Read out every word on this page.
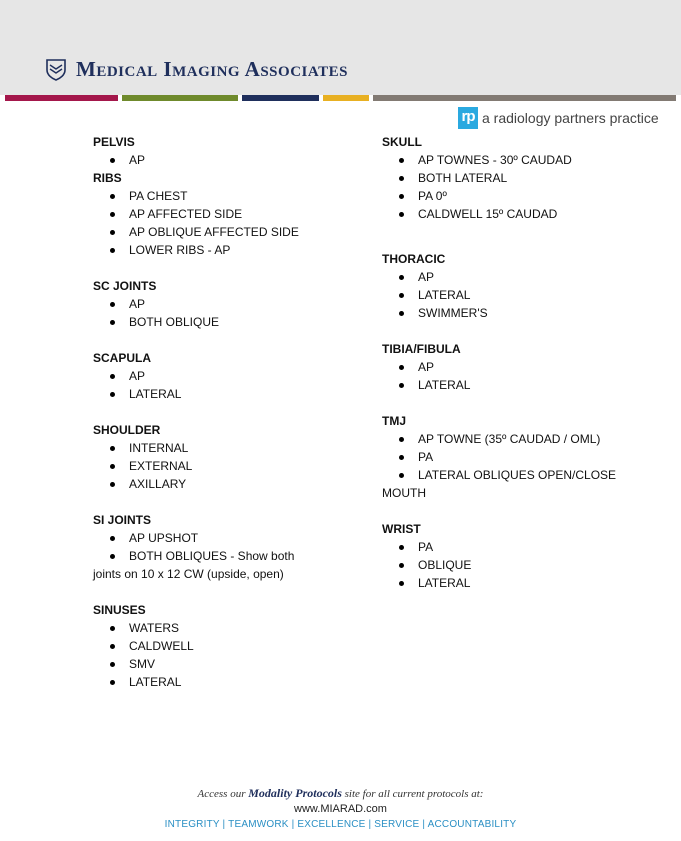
Medical Imaging Associates
rp a radiology partners practice
PELVIS
AP
RIBS
PA CHEST
AP AFFECTED SIDE
AP OBLIQUE AFFECTED SIDE
LOWER RIBS - AP
SC JOINTS
AP
BOTH OBLIQUE
SCAPULA
AP
LATERAL
SHOULDER
INTERNAL
EXTERNAL
AXILLARY
SI JOINTS
AP UPSHOT
BOTH OBLIQUES - Show both
joints on 10 x 12 CW (upside, open)
SINUSES
WATERS
CALDWELL
SMV
LATERAL
SKULL
AP TOWNES - 30º CAUDAD
BOTH LATERAL
PA 0º
CALDWELL 15º CAUDAD
THORACIC
AP
LATERAL
SWIMMER'S
TIBIA/FIBULA
AP
LATERAL
TMJ
AP TOWNE (35º CAUDAD / OML)
PA
LATERAL OBLIQUES OPEN/CLOSE
MOUTH
WRIST
PA
OBLIQUE
LATERAL
Access our Modality Protocols site for all current protocols at:
www.MIARAD.com
INTEGRITY | TEAMWORK | EXCELLENCE | SERVICE | ACCOUNTABILITY
